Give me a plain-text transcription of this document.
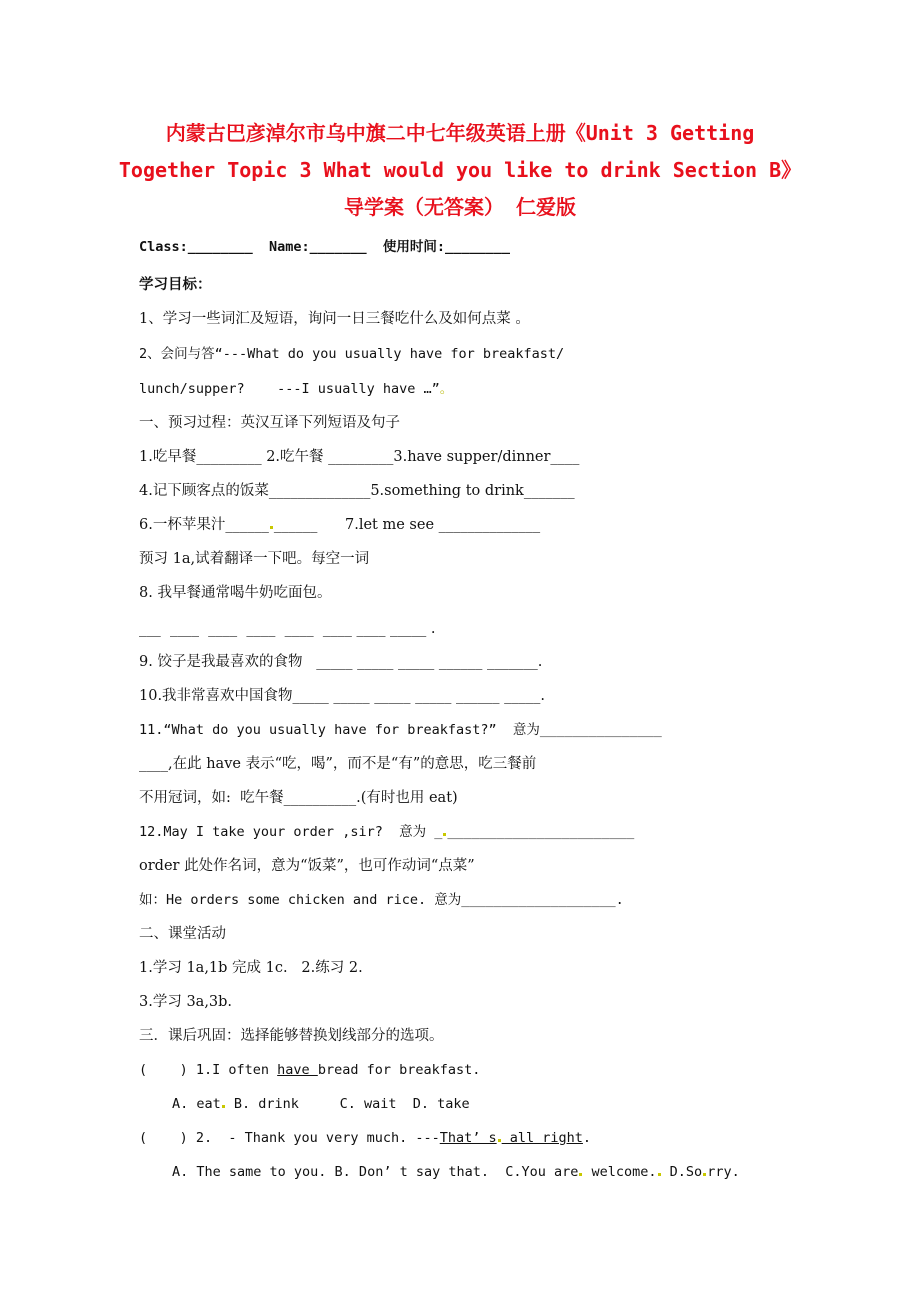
内蒙古巴彦淖尔市乌中旗二中七年级英语上册《Unit 3 Getting
Together Topic 3 What would you like to drink Section B》
导学案（无答案） 仁爱版
Class:________  Name:_______  使用时间:________
学习目标：
1、学习一些词汇及短语，询问一日三餐吃什么及如何点菜 。
2、会问与答“---What do you usually have for breakfast/
lunch/supper?    ---I usually have …”。
一、预习过程：英汉互译下列短语及句子
1.吃早餐_________ 2.吃午餐 _________3.have supper/dinner____
4.记下顾客点的饭菜______________5.something to drink_______
6.一杯苹果汁______ ______      7.let me see ______________
预习 1a,试着翻译一下吧。每空一词
8. 我早餐通常喝牛奶吃面包。
___  ____  ____  ____  ____  ____ ____ _____ .
9. 饺子是我最喜欢的食物   _____ _____ _____ ______ _______.
10.我非常喜欢中国食物_____ _____ _____ _____ ______ _____.
11.“What do you usually have for breakfast?”  意为_______________
____,在此 have 表示“吃，喝”，而不是“有”的意思，吃三餐前
不用冠词，如:  吃午餐__________.(有时也用 eat)
12.May I take your order ,sir?  意为 _ _______________________
order 此处作名词，意为“饭菜”，也可作动词“点菜”
如：He orders some chicken and rice. 意为___________________.
二、课堂活动
1.学习 1a,1b 完成 1c.   2.练习 2.
3.学习 3a,3b.
三．课后巩固：选择能够替换划线部分的选项。
(    ) 1.I often have bread for breakfast.
A. eat B. drink     C. wait  D. take
(    ) 2.  - Thank you very much. ---That’ s all right.
A. The same to you. B. Don’ t say that.  C.You are welcome. D.So rry.
